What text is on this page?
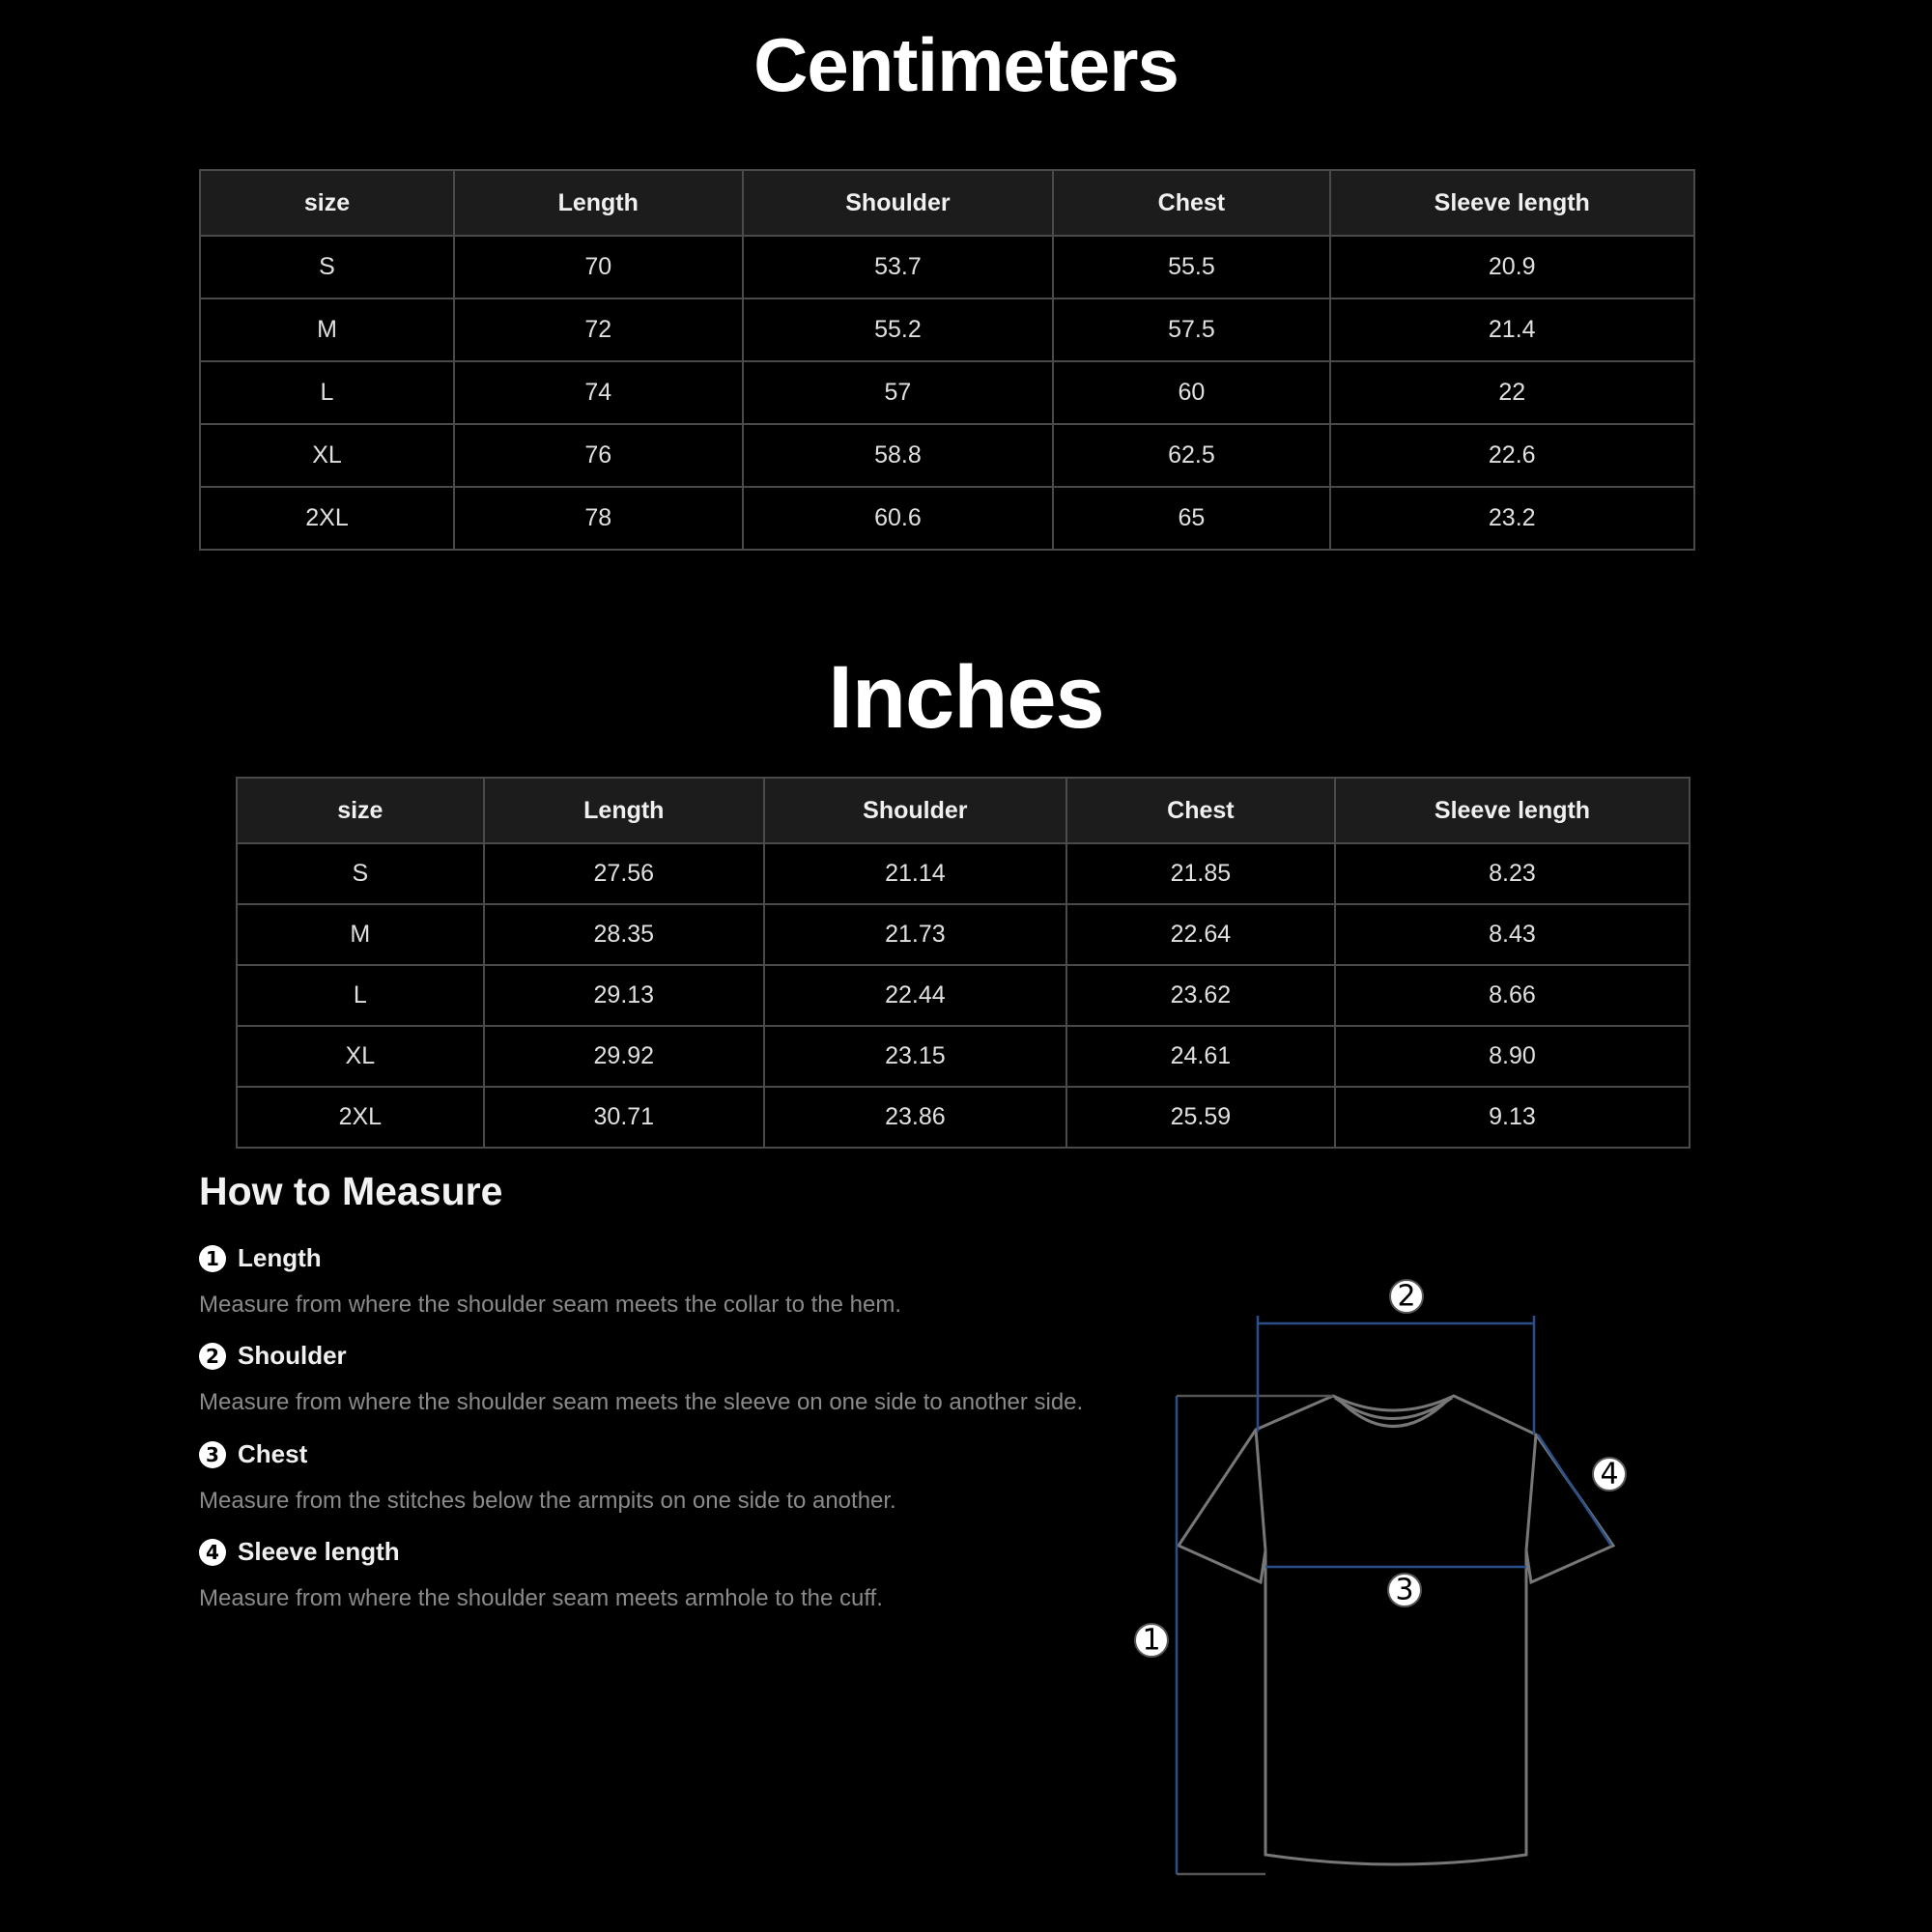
Centimeters
size	Length	Shoulder	Chest	Sleeve length
S	70	53.7	55.5	20.9
M	72	55.2	57.5	21.4
L	74	57	60	22
XL	76	58.8	62.5	22.6
2XL	78	60.6	65	23.2
Inches
size	Length	Shoulder	Chest	Sleeve length
S	27.56	21.14	21.85	8.23
M	28.35	21.73	22.64	8.43
L	29.13	22.44	23.62	8.66
XL	29.92	23.15	24.61	8.90
2XL	30.71	23.86	25.59	9.13
How to Measure
1 Length
Measure from where the shoulder seam meets the collar to the hem.
2 Shoulder
Measure from where the shoulder seam meets the sleeve on one side to another side.
3 Chest
Measure from the stitches below the armpits on one side to another.
4 Sleeve length
Measure from where the shoulder seam meets armhole to the cuff.
1
2
3
4
